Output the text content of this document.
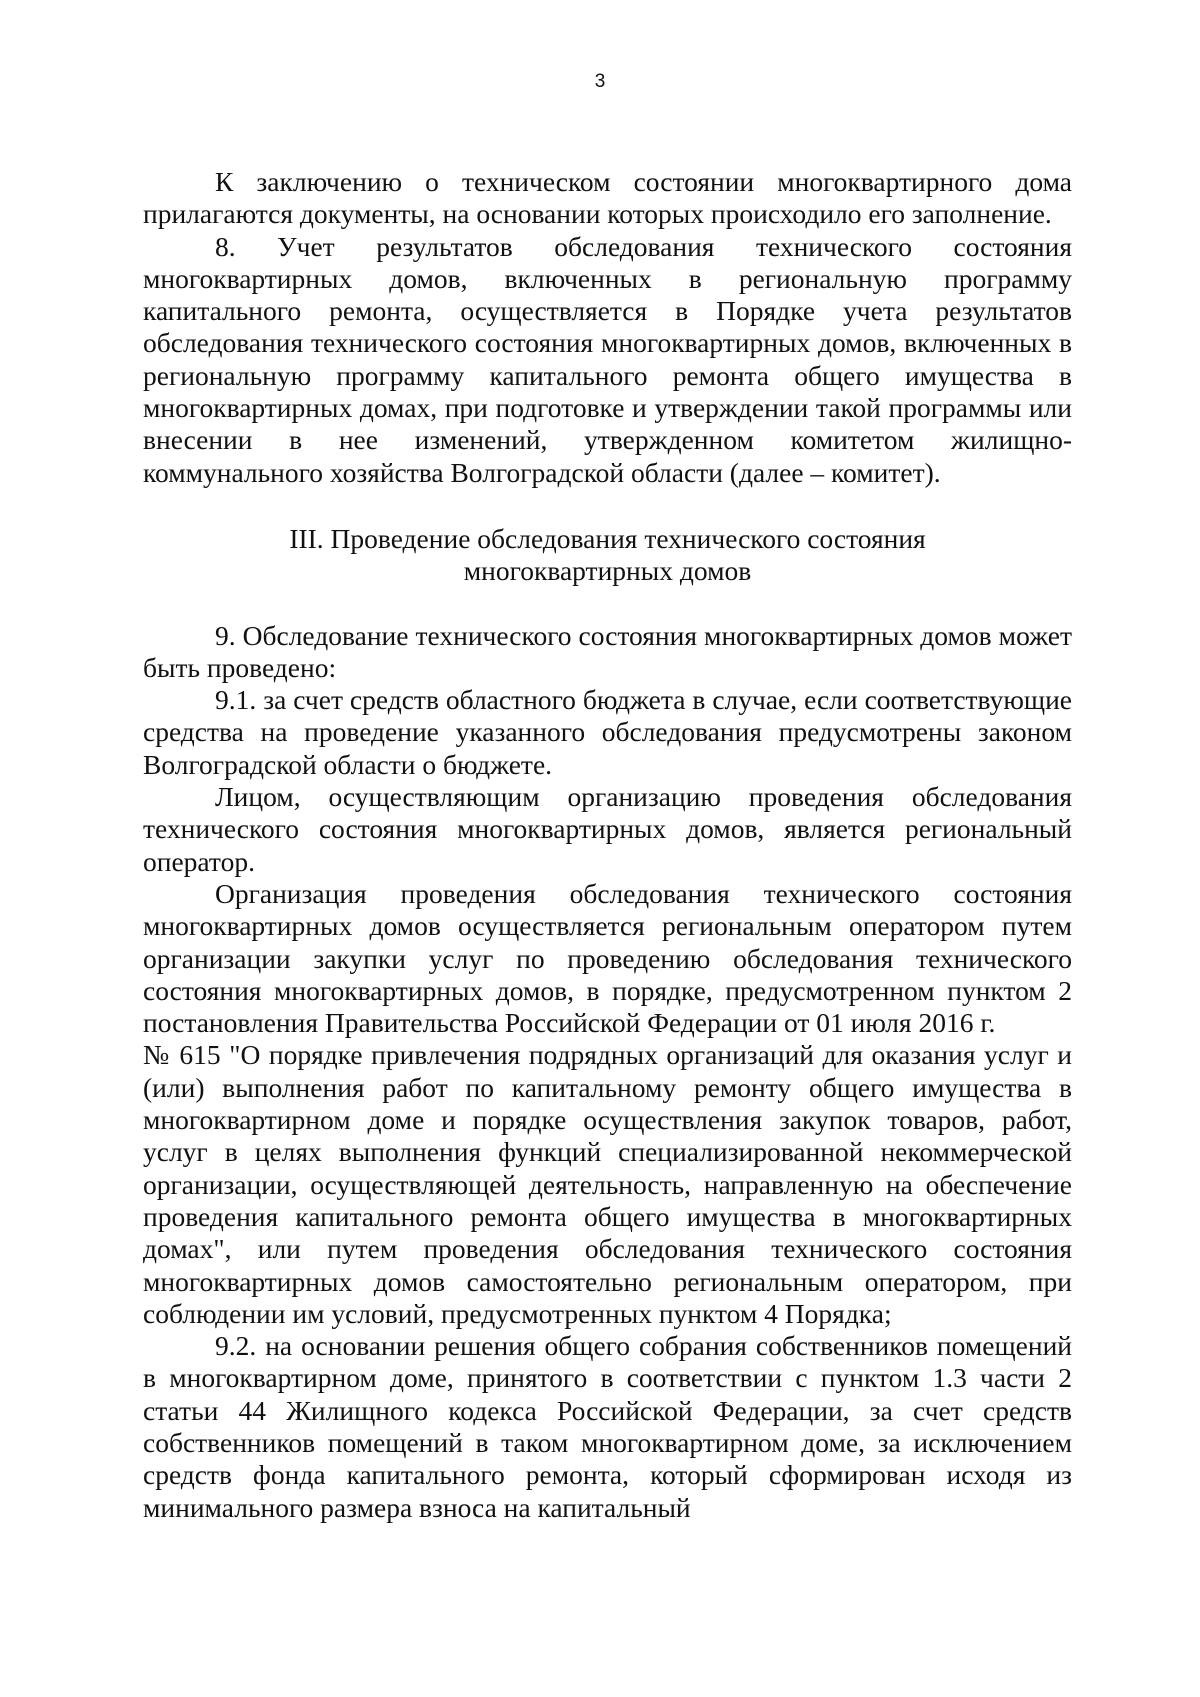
3

К заключению о техническом состоянии многоквартирного дома прилагаются документы, на основании которых происходило его заполнение.

8. Учет результатов обследования технического состояния многоквартирных домов, включенных в региональную программу капитального ремонта, осуществляется в Порядке учета результатов обследования технического состояния многоквартирных домов, включенных в региональную программу капитального ремонта общего имущества в многоквартирных домах, при подготовке и утверждении такой программы или внесении в нее изменений, утвержденном комитетом жилищно-коммунального хозяйства Волгоградской области (далее – комитет).

III. Проведение обследования технического состояния
многоквартирных домов

9. Обследование технического состояния многоквартирных домов может быть проведено:

9.1. за счет средств областного бюджета в случае, если соответствующие средства на проведение указанного обследования предусмотрены законом Волгоградской области о бюджете.

Лицом, осуществляющим организацию проведения обследования технического состояния многоквартирных домов, является региональный оператор.

Организация проведения обследования технического состояния многоквартирных домов осуществляется региональным оператором путем организации закупки услуг по проведению обследования технического состояния многоквартирных домов, в порядке, предусмотренном пунктом 2 постановления Правительства Российской Федерации от 01 июля 2016 г.

№ 615 "О порядке привлечения подрядных организаций для оказания услуг и (или) выполнения работ по капитальному ремонту общего имущества в многоквартирном доме и порядке осуществления закупок товаров, работ, услуг в целях выполнения функций специализированной некоммерческой организации, осуществляющей деятельность, направленную на обеспечение проведения капитального ремонта общего имущества в многоквартирных домах", или путем проведения обследования технического состояния многоквартирных домов самостоятельно региональным оператором, при соблюдении им условий, предусмотренных пунктом 4 Порядка;

9.2. на основании решения общего собрания собственников помещений в многоквартирном доме, принятого в соответствии с пунктом 1.3 части 2 статьи 44 Жилищного кодекса Российской Федерации, за счет средств собственников помещений в таком многоквартирном доме, за исключением средств фонда капитального ремонта, который сформирован исходя из минимального размера взноса на капитальный
